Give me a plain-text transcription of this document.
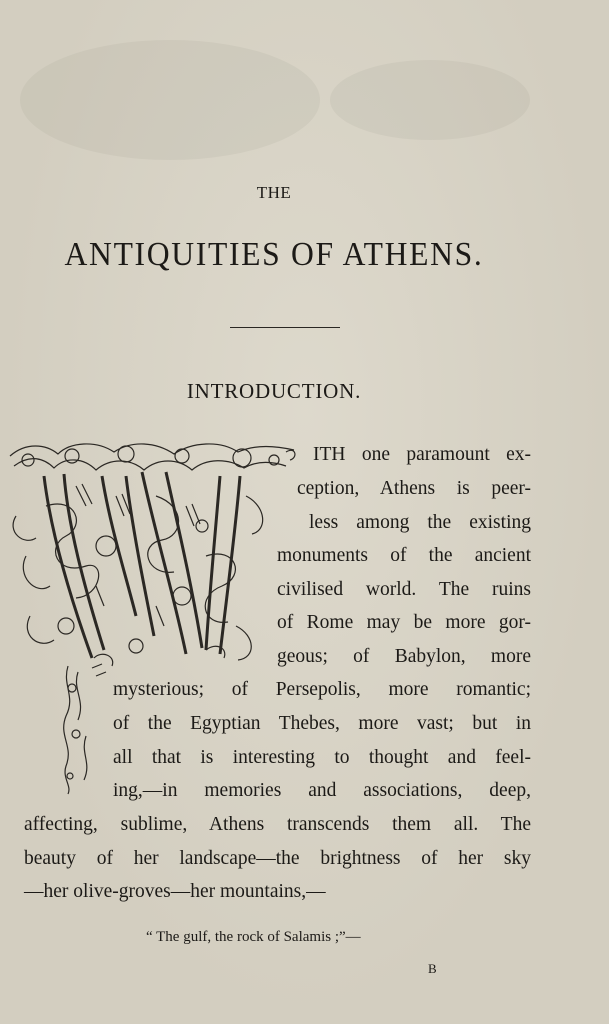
THE
ANTIQUITIES OF ATHENS.
INTRODUCTION.
ITH one paramount ex-
ception, Athens is peer-
less among the existing
monuments of the ancient
civilised world. The ruins
of Rome may be more gor-
geous; of Babylon, more
mysterious; of Persepolis, more romantic;
of the Egyptian Thebes, more vast; but in
all that is interesting to thought and feel-
ing,—in memories and associations, deep,
affecting, sublime, Athens transcends them all. The
beauty of her landscape—the brightness of her sky
—her olive-groves—her mountains,—
“ The gulf, the rock of Salamis ;”—
B
